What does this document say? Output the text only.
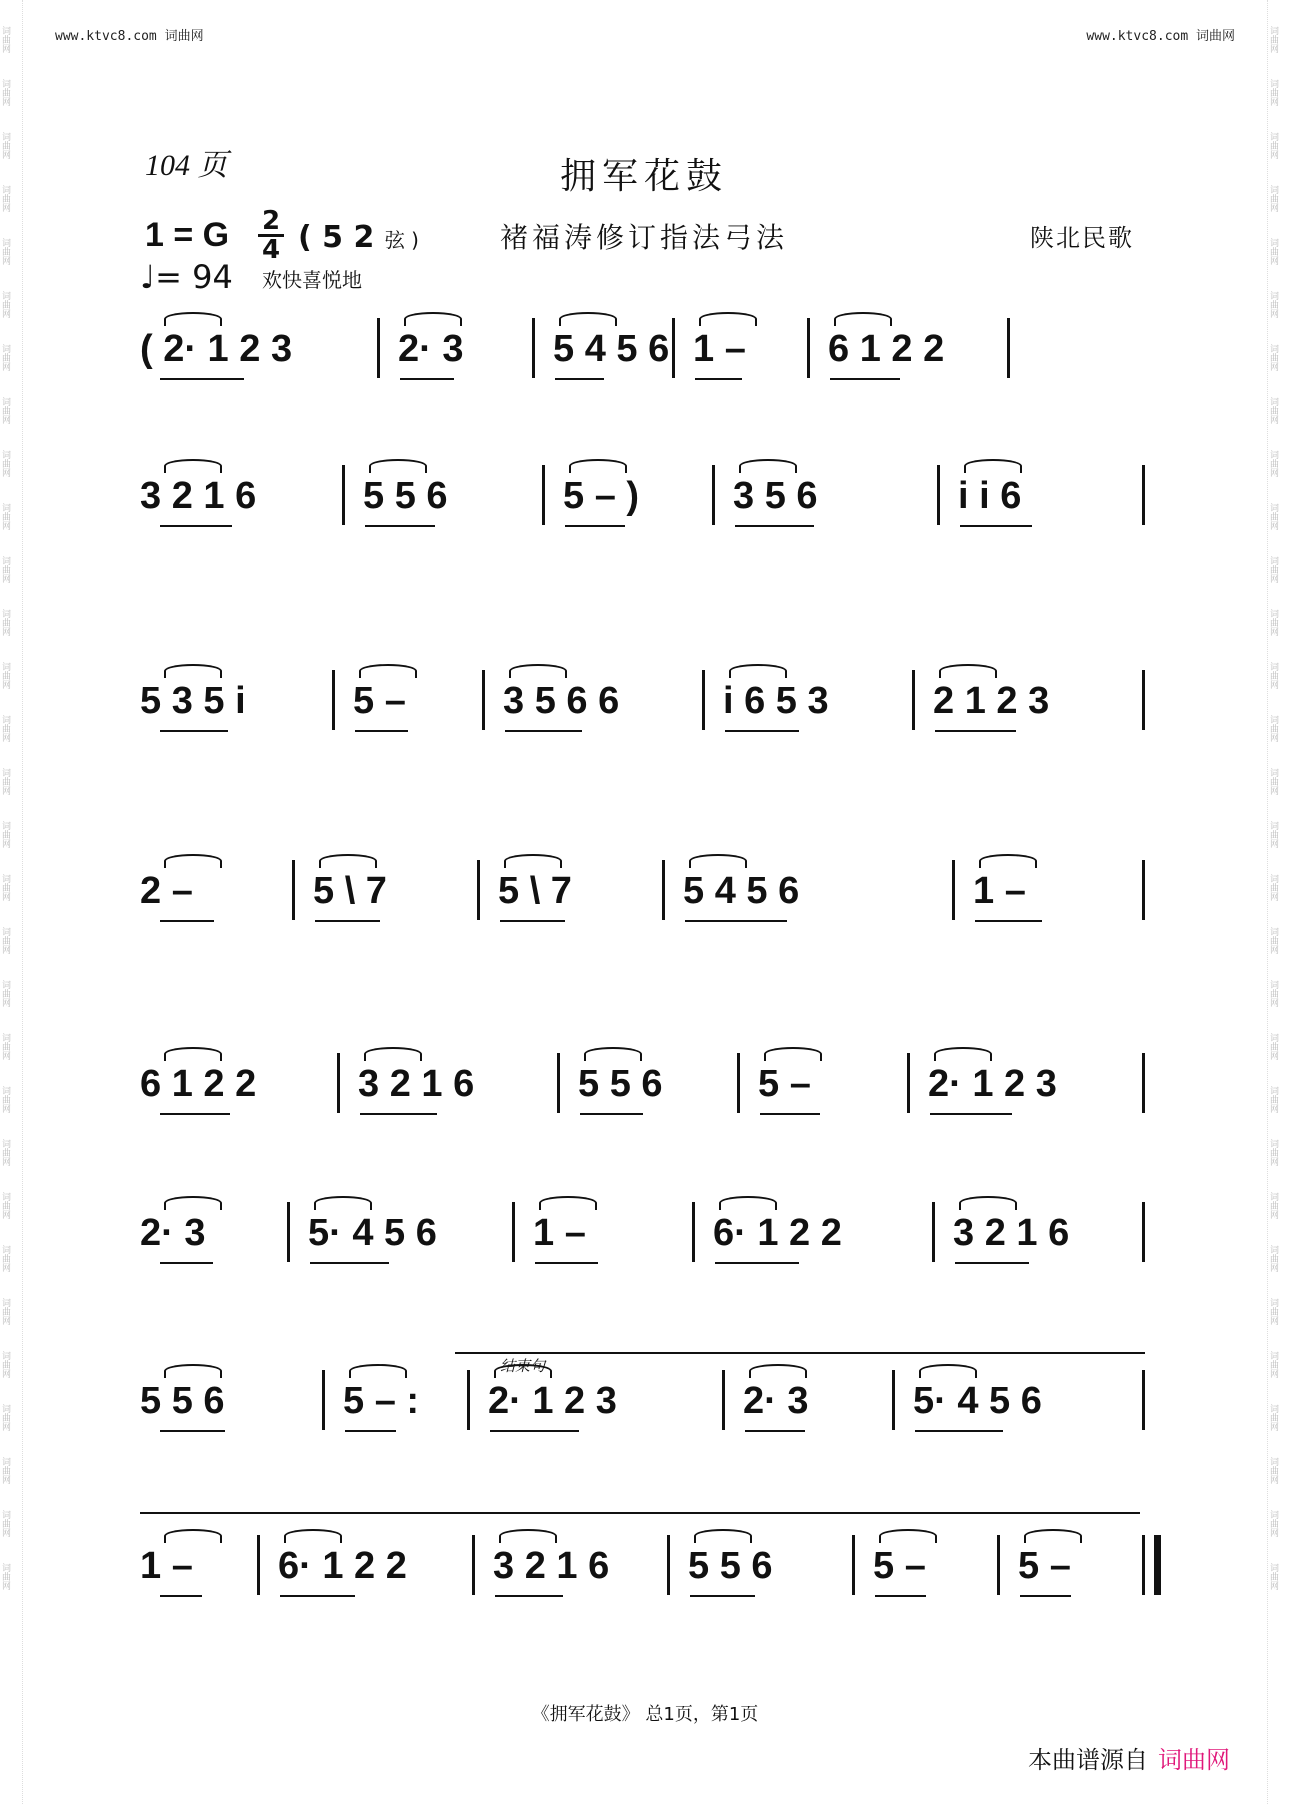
词曲网
词曲网
词曲网
词曲网
词曲网
词曲网
词曲网
词曲网
词曲网
词曲网
词曲网
词曲网
词曲网
词曲网
词曲网
词曲网
词曲网
词曲网
词曲网
词曲网
词曲网
词曲网
词曲网
词曲网
词曲网
词曲网
词曲网
词曲网
词曲网
词曲网
词曲网
词曲网
词曲网
词曲网
词曲网
词曲网
词曲网
词曲网
词曲网
词曲网
词曲网
词曲网
词曲网
词曲网
词曲网
词曲网
词曲网
词曲网
词曲网
词曲网
词曲网
词曲网
词曲网
词曲网
词曲网
词曲网
词曲网
词曲网
词曲网
词曲网
www.ktvc8.com 词曲网	www.ktvc8.com 词曲网
104 页	拥军花鼓
1 = G 2
4 ( 5 2 弦 )
♩= 94 欢快喜悦地
褚福涛修订指法弓法	陕北民歌
( 2· 1 2 3	2· 3 5 4 5 6 1 – 6 1 2 2
3 2 1 6	5 5 6	5 – ) 3 5 6	i i 6
5 3 5 i	5 –	3 5 6 6	i 6 5 3	2 1 2 3
2 –	5 \ 7	5 \ 7	5 4 5 6	1 –
6 1 2 2	3 2 1 6	5 5 6	5 –	2· 1 2 3
2· 3	5· 4 5 6	1 –	6· 1 2 2	3 2 1 6
5 5 6	5 – : 2· 1 2 3	2· 3	5· 4 5 6
1 – 6· 1 2 2 3 2 1 6 5 5 6	5 – 5 –
结束句
《拥军花鼓》 总1页，第1页
本曲谱源自 词曲网
